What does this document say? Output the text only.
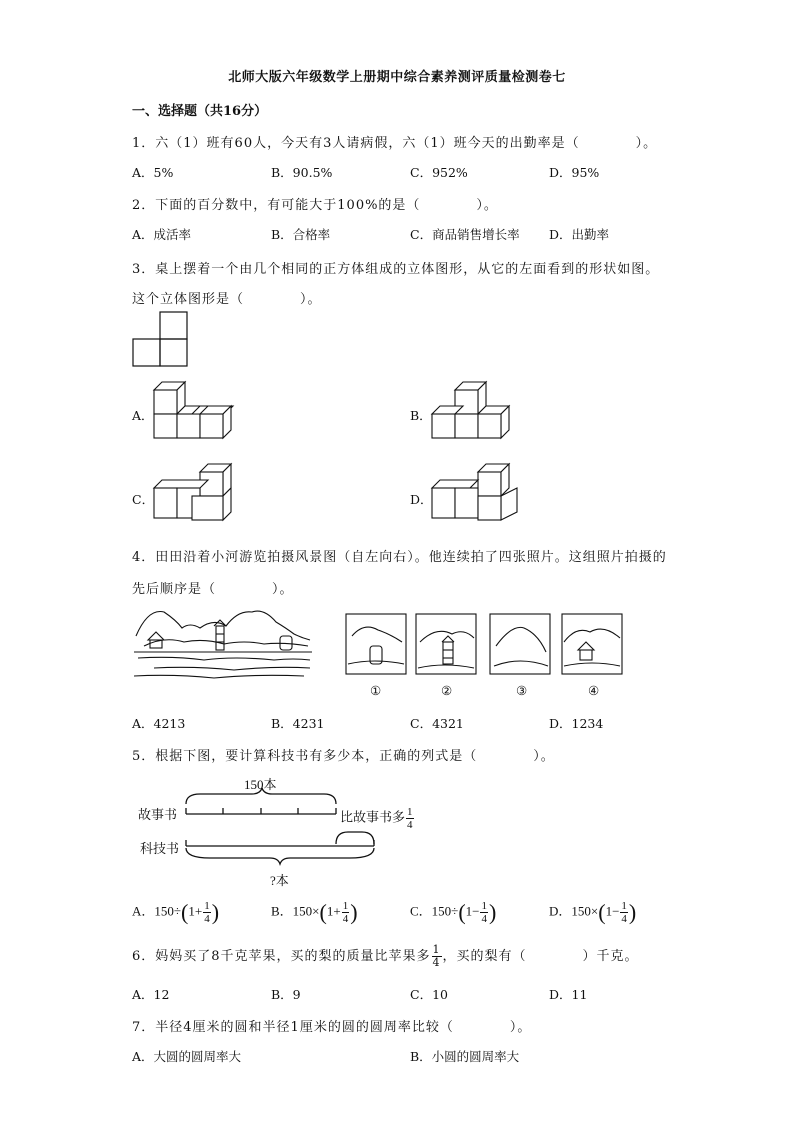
北师大版六年级数学上册期中综合素养测评质量检测卷七
一、选择题（共16分）
1．六（1）班有60人，今天有3人请病假，六（1）班今天的出勤率是（　　　　）。
A．5%	B．90.5%	C．952%	D．95%
2．下面的百分数中，有可能大于100%的是（　　　　）。
A．成活率	B．合格率	C．商品销售增长率 D．出勤率
3．桌上摆着一个由几个相同的正方体组成的立体图形，从它的左面看到的形状如图。
这个立体图形是（　　　　）。
A．	B．
C．	D．
4．田田沿着小河游览拍摄风景图（自左向右）。他连续拍了四张照片。这组照片拍摄的
先后顺序是（　　　　）。
①	②	③	④
A．4213	B．4231	C．4321	D．1234
5．根据下图，要计算科技书有多少本，正确的列式是（　　　　）。
150本
故事书
科技书
比故事书多 $\frac{1}{4}$
?本
A．$150\div(1+ \frac{1}{4}$ )	B．$150\times(1+ \frac{1}{4}$ )	C．$150\div(1- \frac{1}{4}$ )	D．$150\times(1- \frac{1}{4}$ )
6．妈妈买了8千克苹果，买的梨的质量比苹果多 $\frac{1}{4}$ ，买的梨有（　　　　）千克。
A．12	B．9	C．10	D．11
7．半径4厘米的圆和半径1厘米的圆的圆周率比较（　　　　）。
A．大圆的圆周率大	B．小圆的圆周率大
